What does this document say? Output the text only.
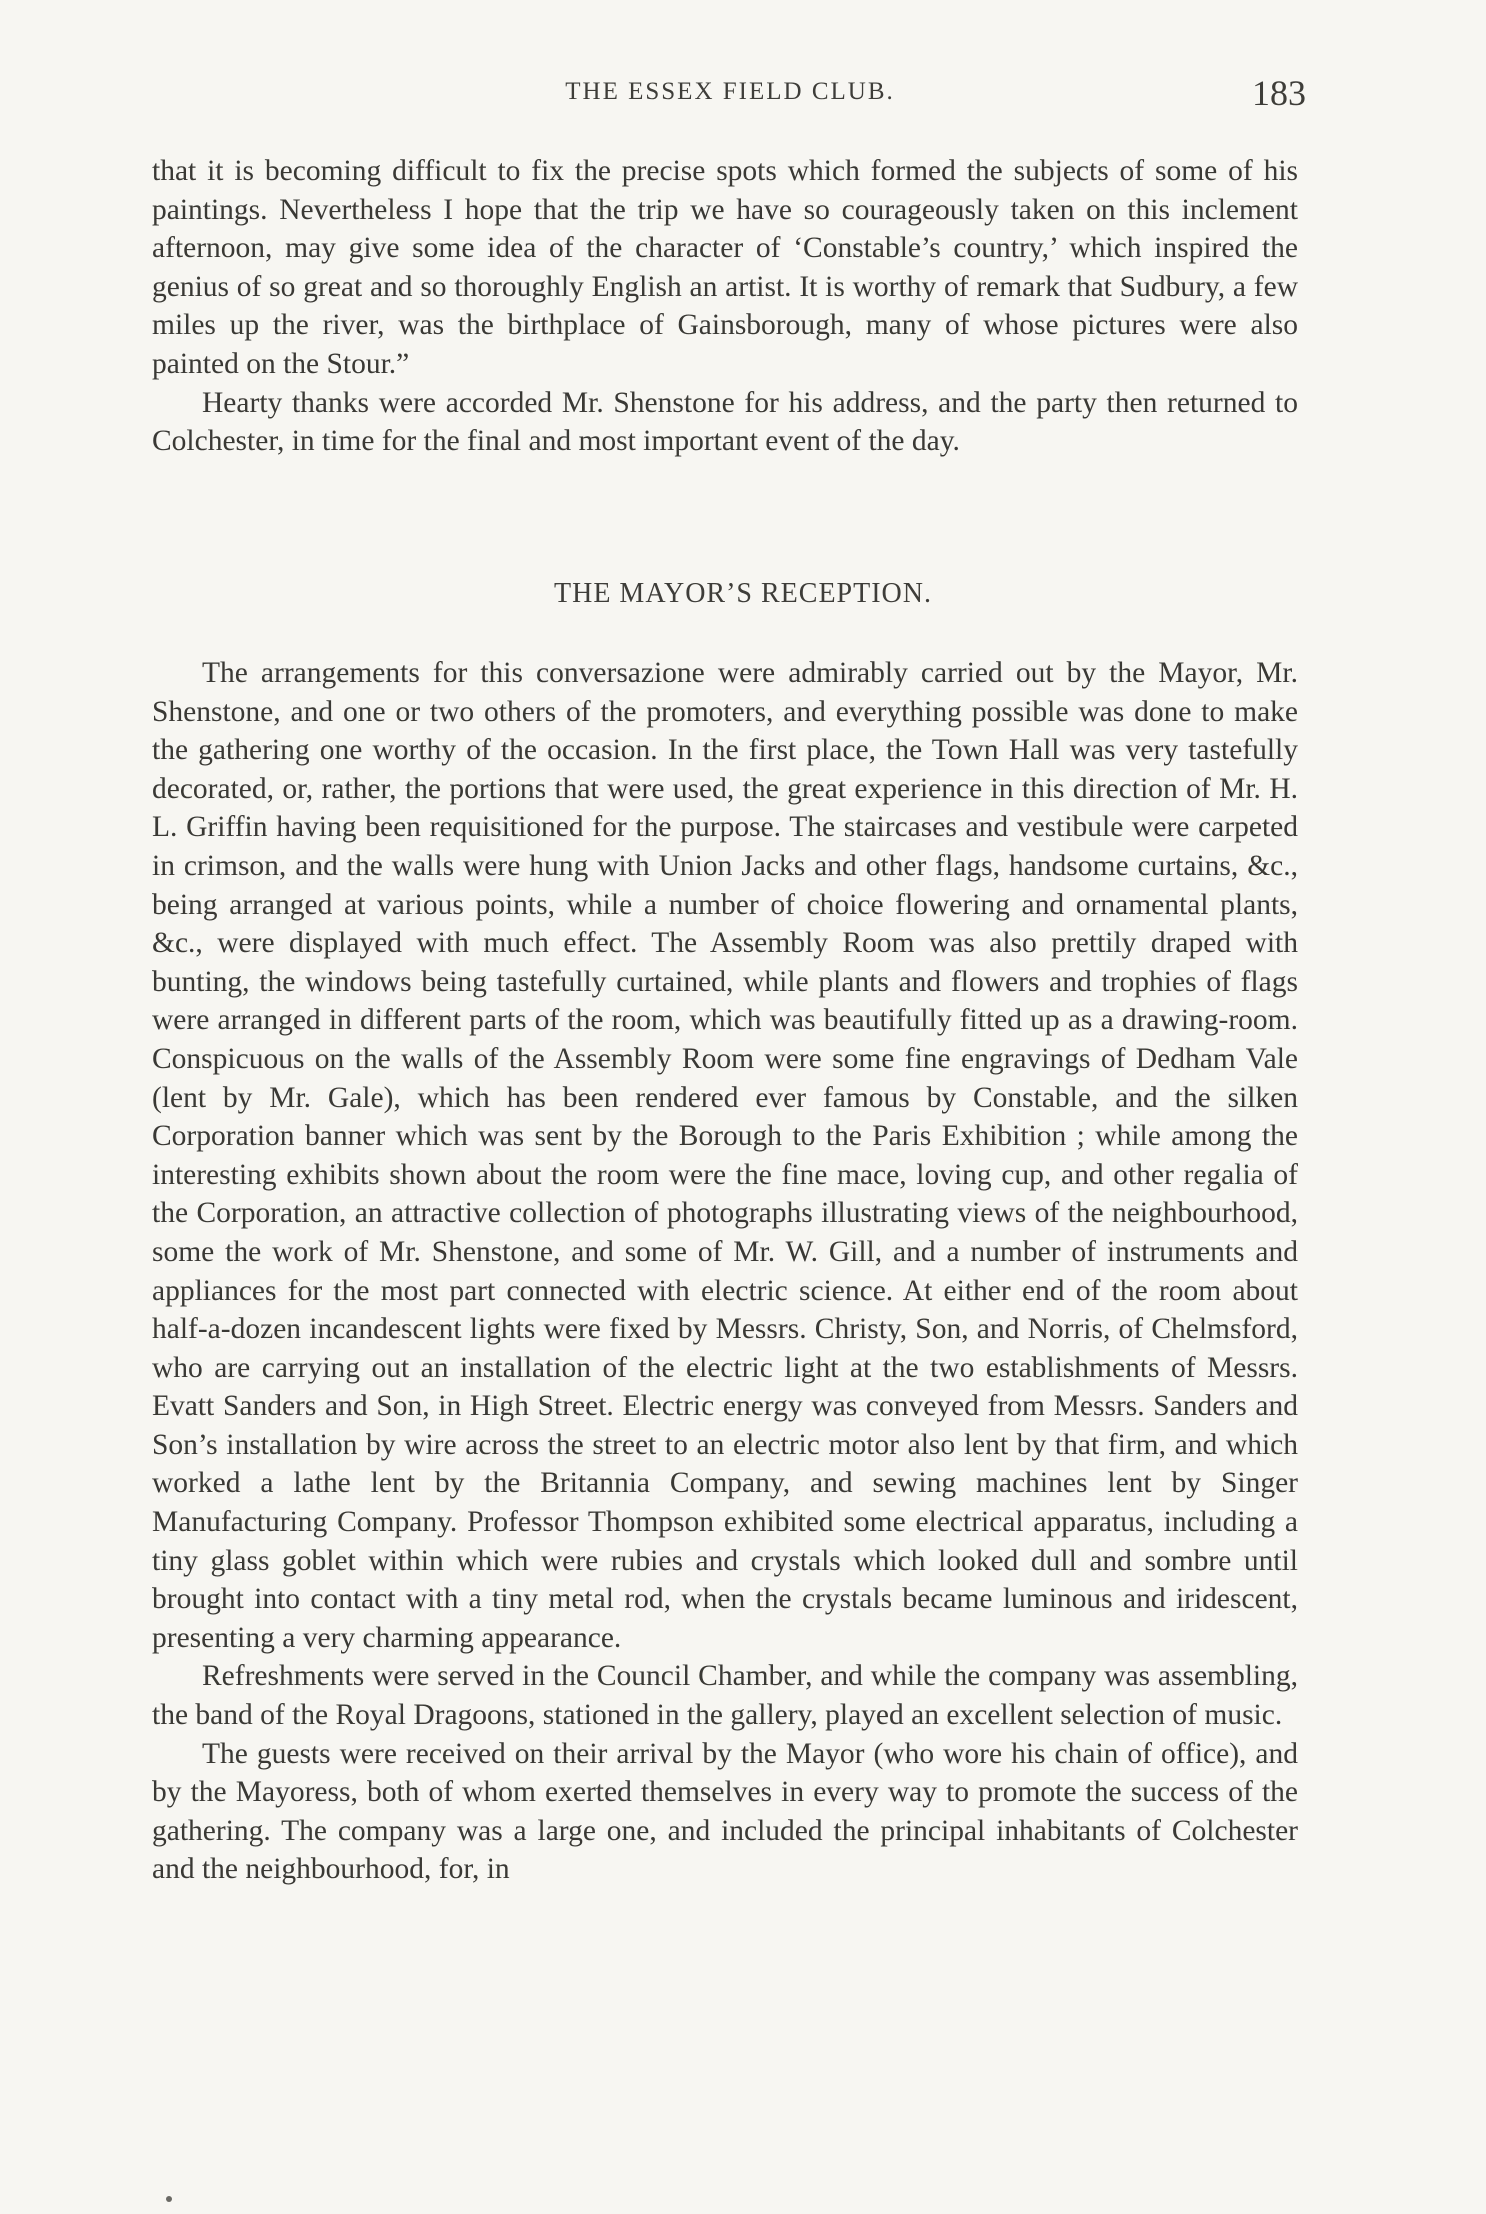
THE ESSEX FIELD CLUB.	183

that it is becoming difficult to fix the precise spots which formed the subjects of some of his paintings. Nevertheless I hope that the trip we have so courageously taken on this inclement afternoon, may give some idea of the character of ‘Constable’s country,’ which inspired the genius of so great and so thoroughly English an artist. It is worthy of remark that Sudbury, a few miles up the river, was the birthplace of Gainsborough, many of whose pictures were also painted on the Stour.”

Hearty thanks were accorded Mr. Shenstone for his address, and the party then returned to Colchester, in time for the final and most important event of the day.

THE MAYOR’S RECEPTION.

The arrangements for this conversazione were admirably carried out by the Mayor, Mr. Shenstone, and one or two others of the promoters, and everything possible was done to make the gathering one worthy of the occasion. In the first place, the Town Hall was very tastefully decorated, or, rather, the portions that were used, the great experience in this direction of Mr. H. L. Griffin having been requisitioned for the purpose. The staircases and vestibule were carpeted in crimson, and the walls were hung with Union Jacks and other flags, handsome curtains, &c., being arranged at various points, while a number of choice flowering and ornamental plants, &c., were displayed with much effect. The Assembly Room was also prettily draped with bunting, the windows being tastefully curtained, while plants and flowers and trophies of flags were arranged in different parts of the room, which was beautifully fitted up as a drawing-room. Conspicuous on the walls of the Assembly Room were some fine engravings of Dedham Vale (lent by Mr. Gale), which has been rendered ever famous by Constable, and the silken Corporation banner which was sent by the Borough to the Paris Exhibition ; while among the interesting exhibits shown about the room were the fine mace, loving cup, and other regalia of the Corporation, an attractive collection of photographs illustrating views of the neighbourhood, some the work of Mr. Shenstone, and some of Mr. W. Gill, and a number of instruments and appliances for the most part connected with electric science. At either end of the room about half-a-dozen incandescent lights were fixed by Messrs. Christy, Son, and Norris, of Chelmsford, who are carrying out an installation of the electric light at the two establishments of Messrs. Evatt Sanders and Son, in High Street. Electric energy was conveyed from Messrs. Sanders and Son’s installation by wire across the street to an electric motor also lent by that firm, and which worked a lathe lent by the Britannia Company, and sewing machines lent by Singer Manufacturing Company. Professor Thompson exhibited some electrical apparatus, including a tiny glass goblet within which were rubies and crystals which looked dull and sombre until brought into contact with a tiny metal rod, when the crystals became luminous and iridescent, presenting a very charming appearance.

Refreshments were served in the Council Chamber, and while the company was assembling, the band of the Royal Dragoons, stationed in the gallery, played an excellent selection of music.

The guests were received on their arrival by the Mayor (who wore his chain of office), and by the Mayoress, both of whom exerted themselves in every way to promote the success of the gathering. The company was a large one, and included the principal inhabitants of Colchester and the neighbourhood, for, in
